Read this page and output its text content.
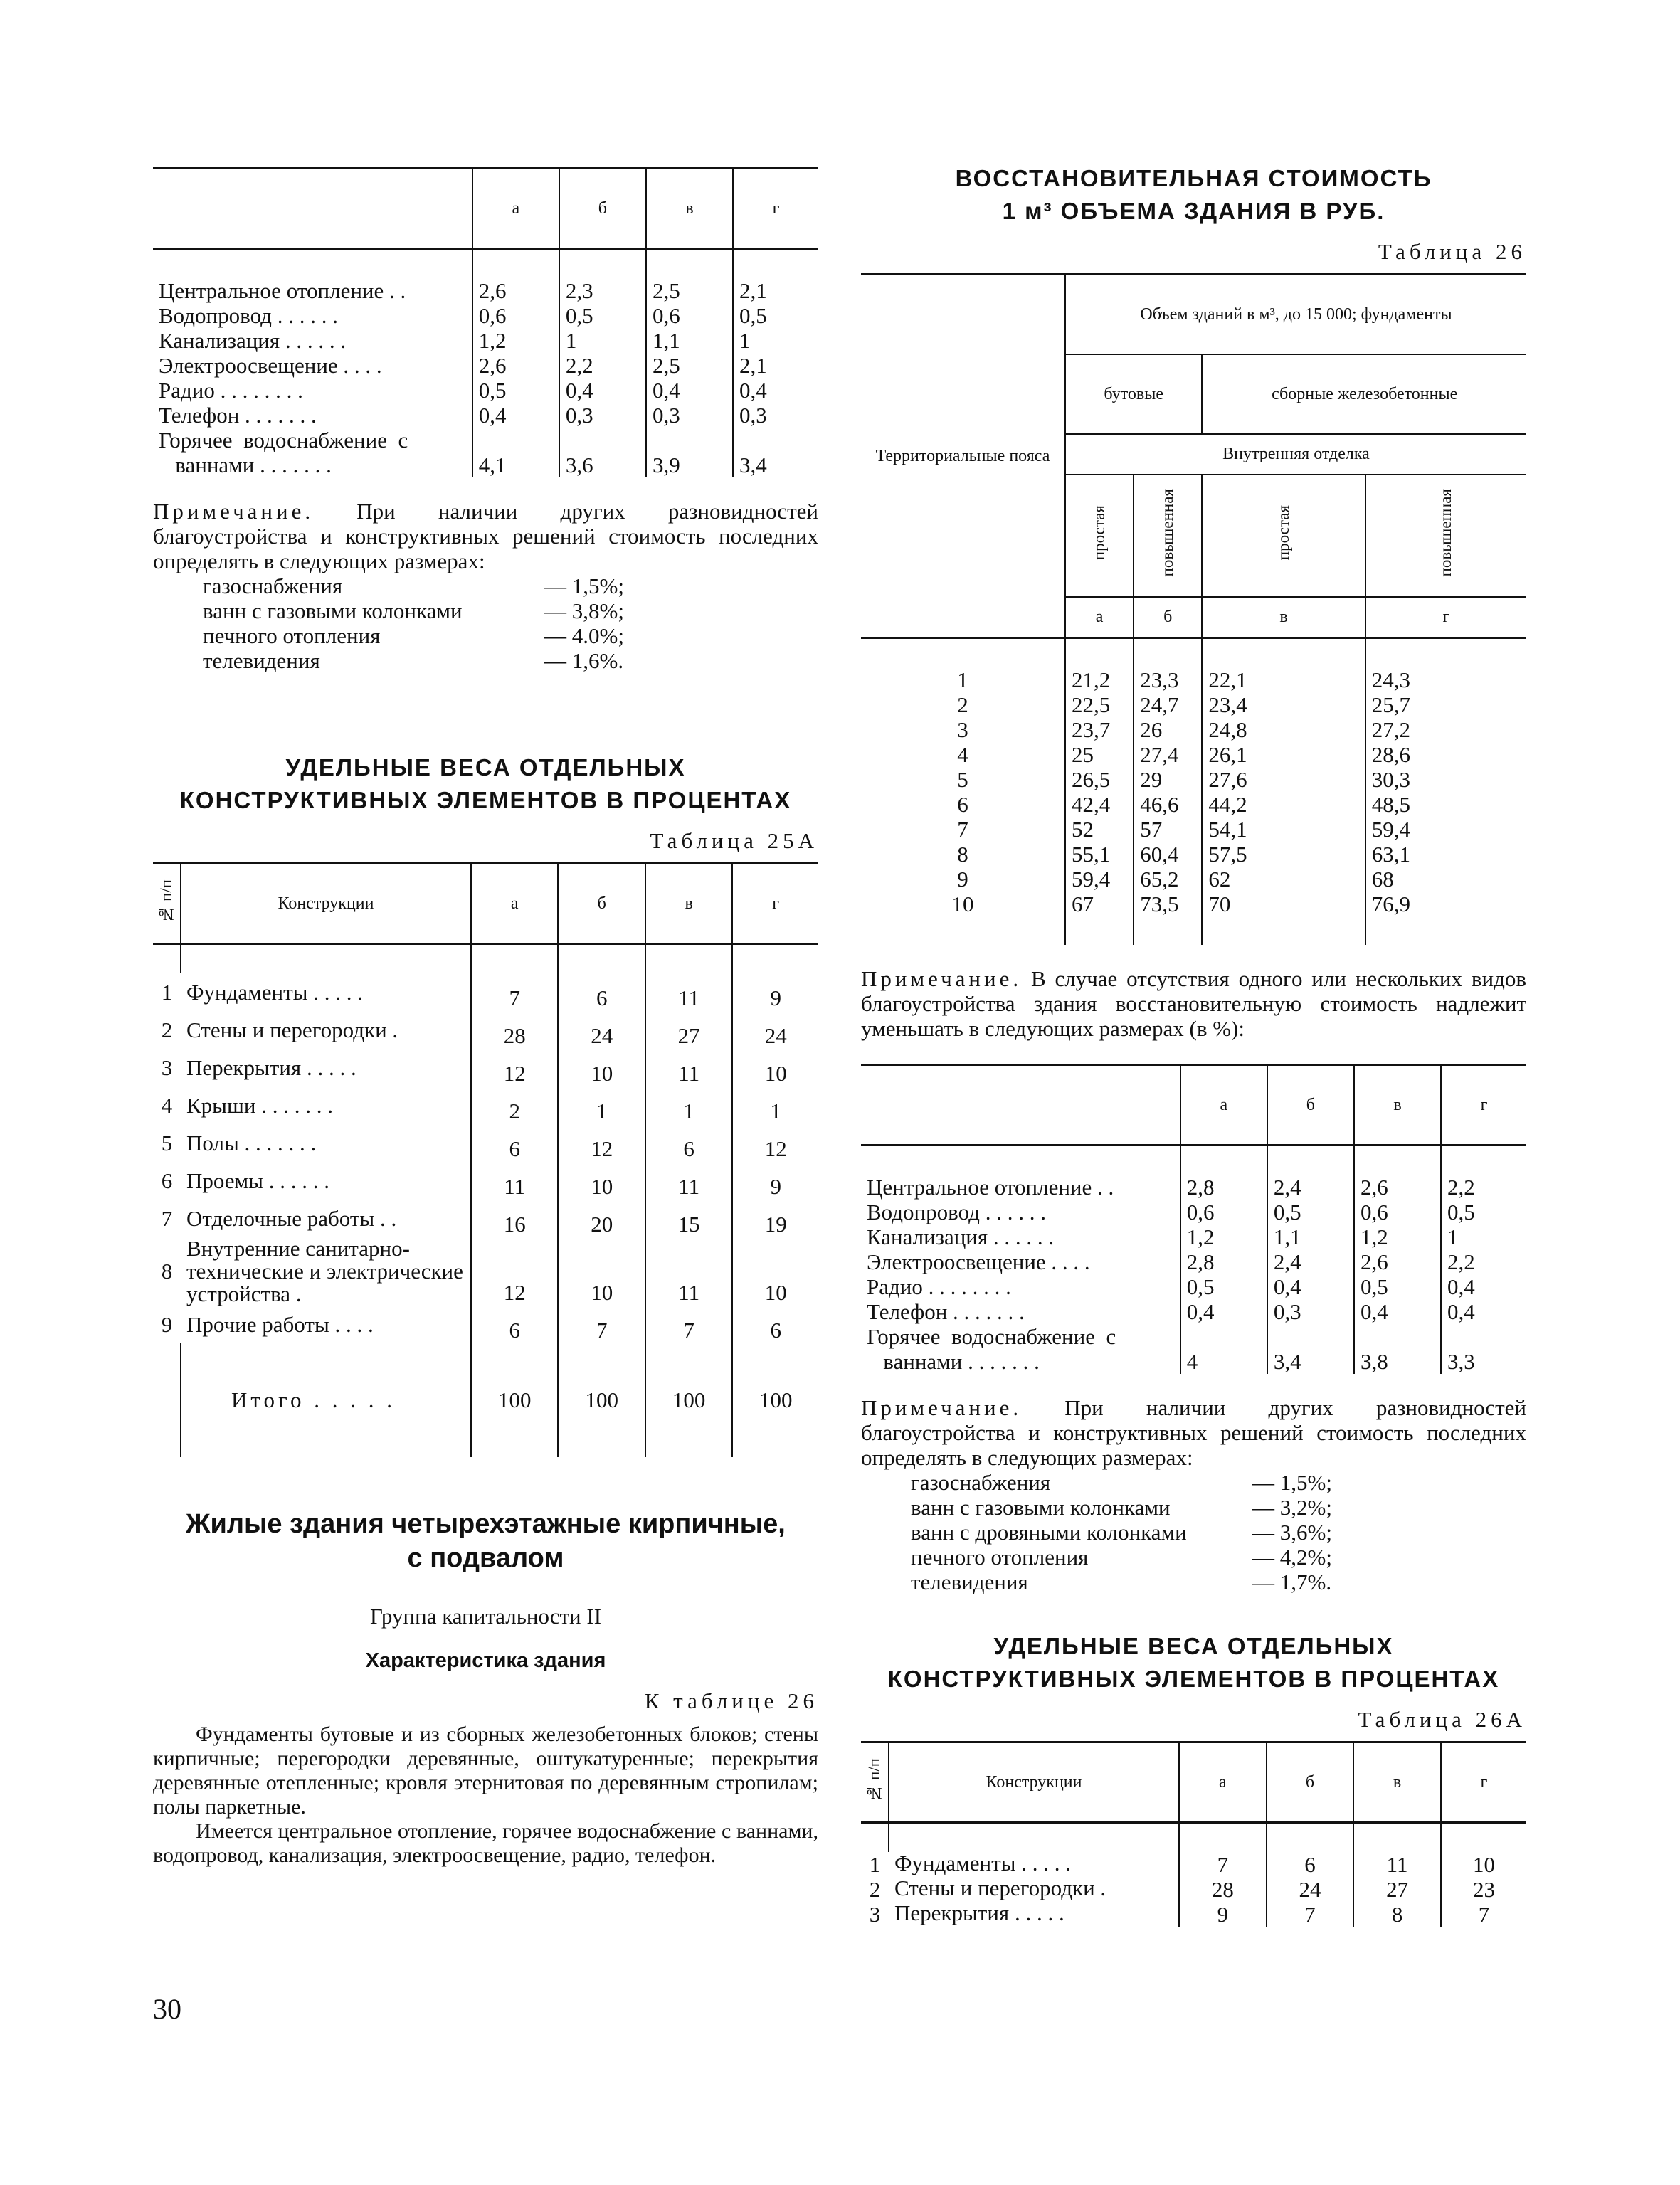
	а	б	в	г

Центральное отопление . .	2,6	2,3	2,5	2,1
Водопровод . . . . . .	0,6	0,5	0,6	0,5
Канализация . . . . . .	1,2	1	1,1	1
Электроосвещение . . . .	2,6	2,2	2,5	2,1
Радио . . . . . . . .	0,5	0,4	0,4	0,4
Телефон . . . . . . .	0,4	0,3	0,3	0,3
Горячее  водоснабжение  с				
ваннами . . . . . . .	4,1	3,6	3,9	3,4
Примечание. При наличии других разновидностей благоустройства и конструктивных решений стоимость последних определять в следующих размерах:
газоснабжения	— 1,5%;
ванн с газовыми колонками	— 3,8%;
печного отопления	— 4.0%;
телевидения	— 1,6%.
УДЕЛЬНЫЕ ВЕСА ОТДЕЛЬНЫХ
КОНСТРУКТИВНЫХ ЭЛЕМЕНТОВ В ПРОЦЕНТАХ
Таблица 25А
№ п/п	Конструкции	а	б	в	г

1	Фундаменты . . . . .	7	6	11	9
2	Стены и перегородки .	28	24	27	24
3	Перекрытия . . . . .	12	10	11	10
4	Крыши . . . . . . .	2	1	1	1
5	Полы . . . . . . .	6	12	6	12
6	Проемы . . . . . .	11	10	11	9
7	Отделочные работы . .	16	20	15	19
8	Внутренние санитарно-технические и электрические устройства .	12	10	11	10
9	Прочие работы . . . .	6	7	7	6

	Итого . . . . .	100	100	100	100

Жилые здания четырехэтажные кирпичные,
с подвалом
Группа капитальности II
Характеристика здания
К таблице 26

Фундаменты бутовые и из сборных железобетонных блоков; стены кирпичные; перегородки деревянные, оштукатуренные; перекрытия деревянные отепленные; кровля этернитовая по деревянным стропилам; полы паркетные.

Имеется центральное отопление, горячее водоснабжение с ваннами, водопровод, канализация, электроосвещение, радио, телефон.

30
ВОССТАНОВИТЕЛЬНАЯ СТОИМОСТЬ
1 м³ ОБЪЕМА ЗДАНИЯ В РУБ.
Таблица 26
Территориальные пояса	Объем зданий в м³, до 15 000; фундаменты			
	бутовые		сборные железобетонные	
	Внутренняя отделка			
	простая	повышенная	простая	повышенная
	а	б	в	г

1	21,2	23,3	22,1	24,3
2	22,5	24,7	23,4	25,7
3	23,7	26	24,8	27,2
4	25	27,4	26,1	28,6
5	26,5	29	27,6	30,3
6	42,4	46,6	44,2	48,5
7	52	57	54,1	59,4
8	55,1	60,4	57,5	63,1
9	59,4	65,2	62	68
10	67	73,5	70	76,9

Примечание. В случае отсутствия одного или нескольких видов благоустройства здания восстановительную стоимость надлежит уменьшать в следующих размерах (в %):
	а	б	в	г

Центральное отопление . .	2,8	2,4	2,6	2,2
Водопровод . . . . . .	0,6	0,5	0,6	0,5
Канализация . . . . . .	1,2	1,1	1,2	1
Электроосвещение . . . .	2,8	2,4	2,6	2,2
Радио . . . . . . . .	0,5	0,4	0,5	0,4
Телефон . . . . . . .	0,4	0,3	0,4	0,4
Горячее  водоснабжение  с				
ваннами . . . . . . .	4	3,4	3,8	3,3
Примечание. При наличии других разновидностей благоустройства и конструктивных решений стоимость последних определять в следующих размерах:
газоснабжения	— 1,5%;
ванн с газовыми колонками	— 3,2%;
ванн с дровяными колонками	— 3,6%;
печного отопления	— 4,2%;
телевидения	— 1,7%.
УДЕЛЬНЫЕ ВЕСА ОТДЕЛЬНЫХ
КОНСТРУКТИВНЫХ ЭЛЕМЕНТОВ В ПРОЦЕНТАХ
Таблица 26А
№ п/п	Конструкции	а	б	в	г

1	Фундаменты . . . . .	7	6	11	10
2	Стены и перегородки .	28	24	27	23
3	Перекрытия . . . . .	9	7	8	7
